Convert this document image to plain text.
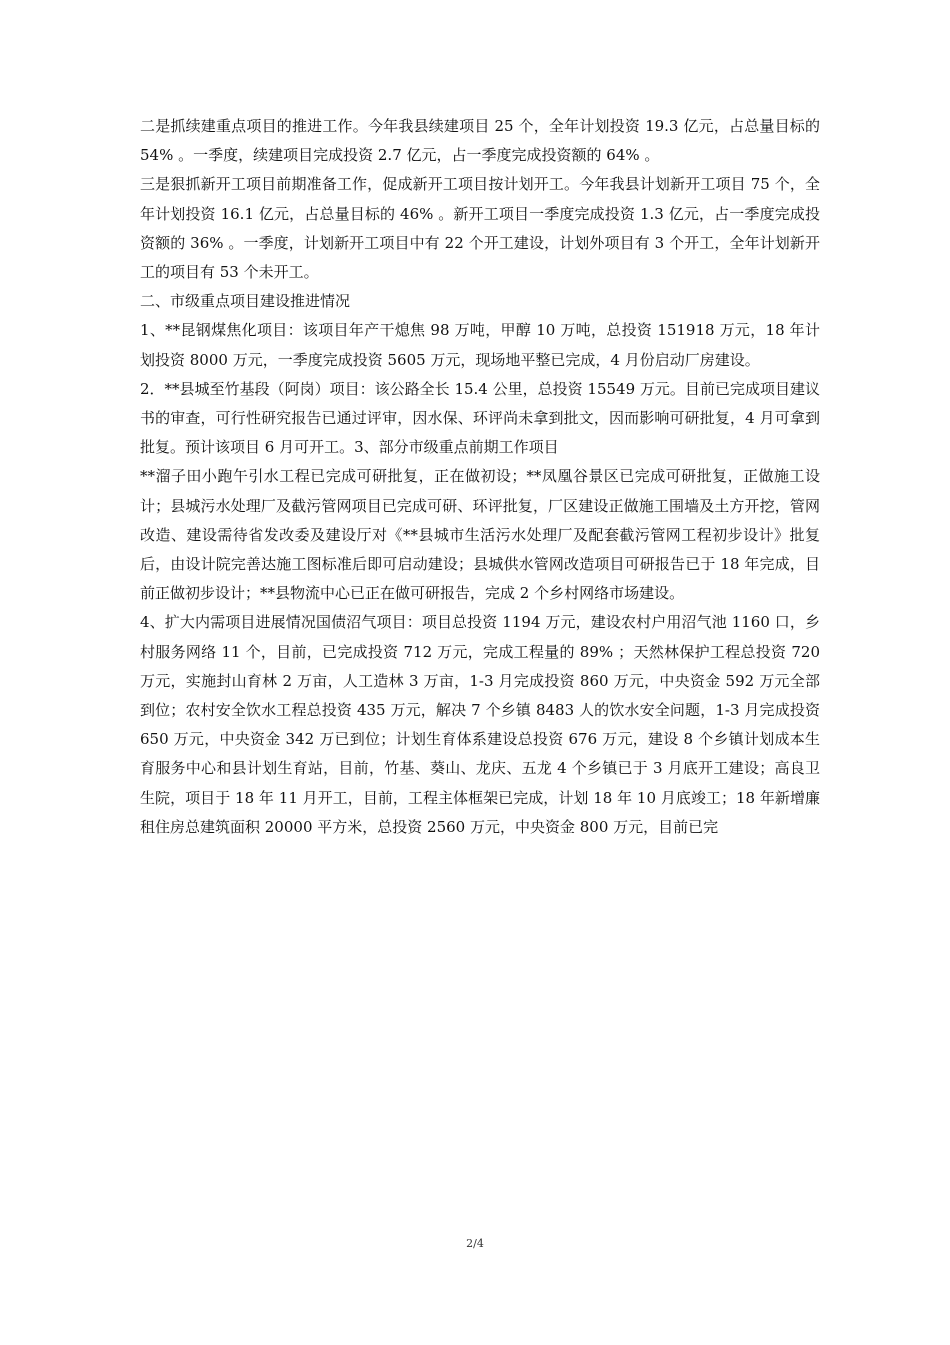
二是抓续建重点项目的推进工作。今年我县续建项目 25 个，全年计划投资 19.3 亿元，占总量目标的 54% 。一季度，续建项目完成投资 2.7 亿元，占一季度完成投资额的 64% 。

三是狠抓新开工项目前期准备工作，促成新开工项目按计划开工。今年我县计划新开工项目 75 个，全年计划投资 16.1 亿元，占总量目标的 46% 。新开工项目一季度完成投资 1.3 亿元，占一季度完成投资额的 36% 。一季度，计划新开工项目中有 22 个开工建设，计划外项目有 3 个开工，全年计划新开工的项目有 53 个未开工。

二、市级重点项目建设推进情况

1、**昆钢煤焦化项目：该项目年产干熄焦 98 万吨，甲醇 10 万吨，总投资 151918 万元，18 年计划投资 8000 万元，一季度完成投资 5605 万元，现场地平整已完成，4 月份启动厂房建设。

2．**县城至竹基段（阿岗）项目：该公路全长 15.4 公里，总投资 15549 万元。目前已完成项目建议书的审查，可行性研究报告已通过评审，因水保、环评尚未拿到批文，因而影响可研批复，4 月可拿到批复。预计该项目 6 月可开工。3、部分市级重点前期工作项目

**溜子田小跑午引水工程已完成可研批复，正在做初设；**凤凰谷景区已完成可研批复，正做施工设计；县城污水处理厂及截污管网项目已完成可研、环评批复，厂区建设正做施工围墙及土方开挖，管网改造、建设需待省发改委及建设厅对《**县城市生活污水处理厂及配套截污管网工程初步设计》批复后，由设计院完善达施工图标准后即可启动建设；县城供水管网改造项目可研报告已于 18 年完成，目前正做初步设计；**县物流中心已正在做可研报告，完成 2 个乡村网络市场建设。

4、扩大内需项目进展情况国债沼气项目：项目总投资 1194 万元，建设农村户用沼气池 1160 口，乡村服务网络 11 个，目前，已完成投资 712 万元，完成工程量的 89% ；天然林保护工程总投资 720 万元，实施封山育林 2 万亩，人工造林 3 万亩，1-3 月完成投资 860 万元，中央资金 592 万元全部到位；农村安全饮水工程总投资 435 万元，解决 7 个乡镇 8483 人的饮水安全问题，1-3 月完成投资 650 万元，中央资金 342 万已到位；计划生育体系建设总投资 676 万元，建设 8 个乡镇计划成本生育服务中心和县计划生育站，目前，竹基、葵山、龙庆、五龙 4 个乡镇已于 3 月底开工建设；高良卫生院，项目于 18 年 11 月开工，目前，工程主体框架已完成，计划 18 年 10 月底竣工；18 年新增廉租住房总建筑面积 20000 平方米，总投资 2560 万元，中央资金 800 万元，目前已完

2/4
